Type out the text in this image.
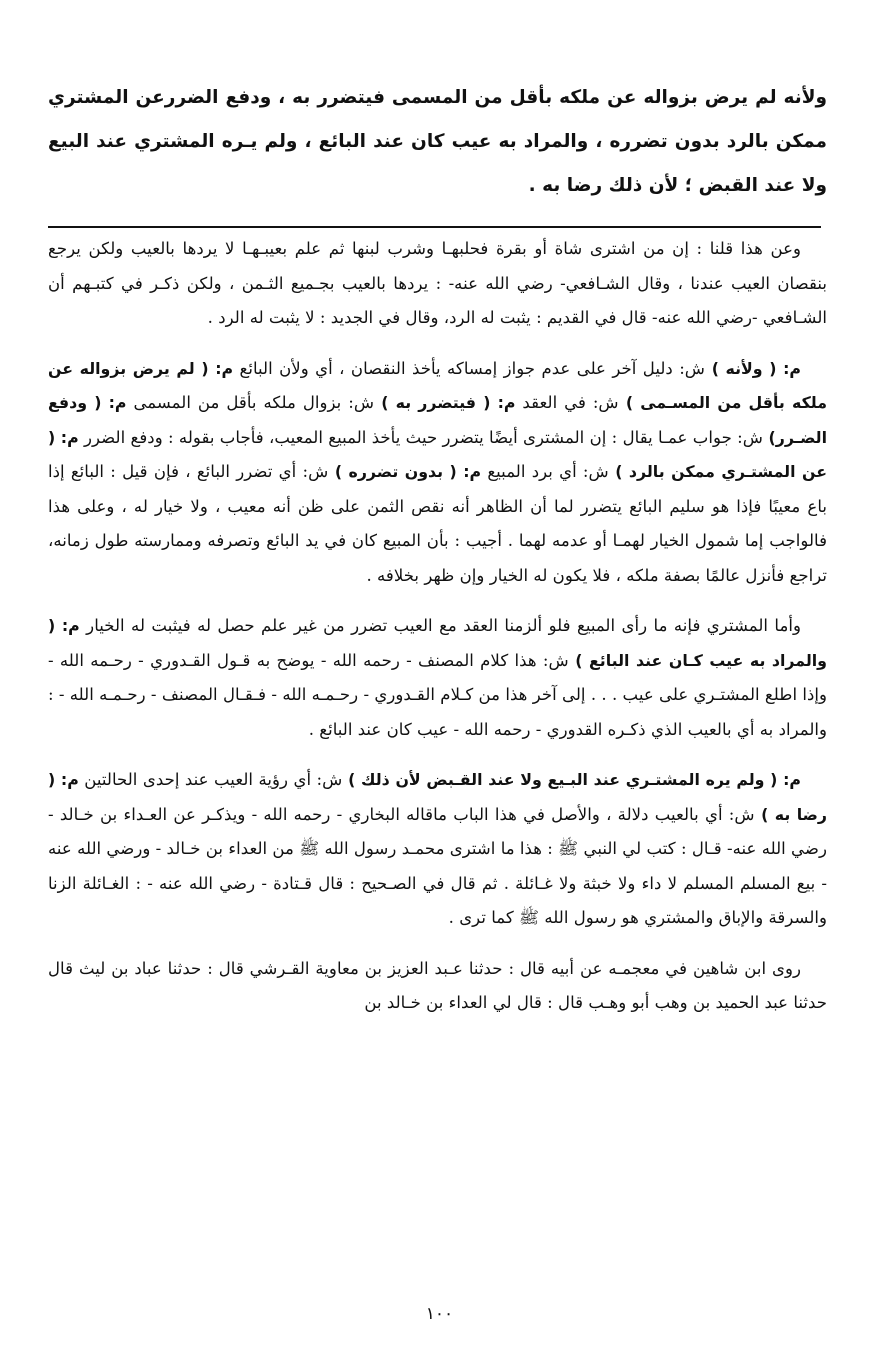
ولأنه لم يرض بزواله عن ملكه بأقل من المسمى فيتضرر به ، ودفع الضررعن المشتري ممكن بالرد بدون تضرره ، والمراد به عيب كان عند البائع ، ولم يـره المشتري عند البيع ولا عند القبض ؛ لأن ذلك رضا به .

وعن هذا قلنا : إن من اشترى شاة أو بقرة فحلبهـا وشرب لبنها ثم علم بعيبـهـا لا يردها بالعيب ولكن يرجع بنقصان العيب عندنا ، وقال الشـافعي- رضي الله عنه- : يردها بالعيب بجـميع الثـمن ، ولكن ذكـر في كتبـهم أن الشـافعي -رضي الله عنه- قال في القديم : يثبت له الرد، وقال في الجديد : لا يثبت له الرد .

م: ( ولأنه ) ش: دليل آخر على عدم جواز إمساكه يأخذ النقصان ، أي ولأن البائع م: ( لم يرض بزواله عن ملكه بأقل من المسـمى ) ش: في العقد م: ( فيتضرر به ) ش: بزوال ملكه بأقل من المسمى م: ( ودفع الضـرر) ش: جواب عمـا يقال : إن المشترى أيضًا يتضرر حيث يأخذ المبيع المعيب، فأجاب بقوله : ودفع الضرر م: ( عن المشتـري ممكن بالرد ) ش: أي برد المبيع م: ( بدون تضرره ) ش: أي تضرر البائع ، فإن قيل : البائع إذا باع معيبًا فإذا هو سليم البائع يتضرر لما أن الظاهر أنه نقص الثمن على ظن أنه معيب ، ولا خيار له ، وعلى هذا فالواجب إما شمول الخيار لهمـا أو عدمه لهما . أجيب : بأن المبيع كان في يد البائع وتصرفه وممارسته طول زمانه، تراجع فأنزل عالمًا بصفة ملكه ، فلا يكون له الخيار وإن ظهر بخلافه .

وأما المشتري فإنه ما رأى المبيع فلو ألزمنا العقد مع العيب تضرر من غير علم حصل له فيثبت له الخيار م: ( والمراد به عيب كـان عند البائع ) ش: هذا كلام المصنف - رحمه الله - يوضح به قـول القـدوري - رحـمه الله - وإذا اطلع المشتـري على عيب . . . إلى آخر هذا من كـلام القـدوري - رحـمـه الله - فـقـال المصنف - رحـمـه الله - : والمراد به أي بالعيب الذي ذكـره القدوري - رحمه الله - عيب كان عند البائع .

م: ( ولم يره المشتـري عند البـيع ولا عند القـبض لأن ذلك ) ش: أي رؤية العيب عند إحدى الحالتين م: ( رضا به ) ش: أي بالعيب دلالة ، والأصل في هذا الباب ماقاله البخاري - رحمه الله - ويذكـر عن العـداء بن خـالد - رضي الله عنه- قـال : كتب لي النبي ﷺ : هذا ما اشترى محمـد رسول الله ﷺ من العداء بن خـالد - ورضي الله عنه - بيع المسلم المسلم لا داء ولا خبثة ولا غـائلة . ثم قال في الصـحيح : قال قـتادة - رضي الله عنه - : الغـائلة الزنا والسرقة والإباق والمشتري هو رسول الله ﷺ كما ترى .

روى ابن شاهين في معجمـه عن أبيه قال : حدثنا عـبد العزيز بن معاوية القـرشي قال : حدثنا عباد بن ليث قال حدثنا عبد الحميد بن وهب أبو وهـب قال : قال لي العداء بن خـالد بن

١٠٠
